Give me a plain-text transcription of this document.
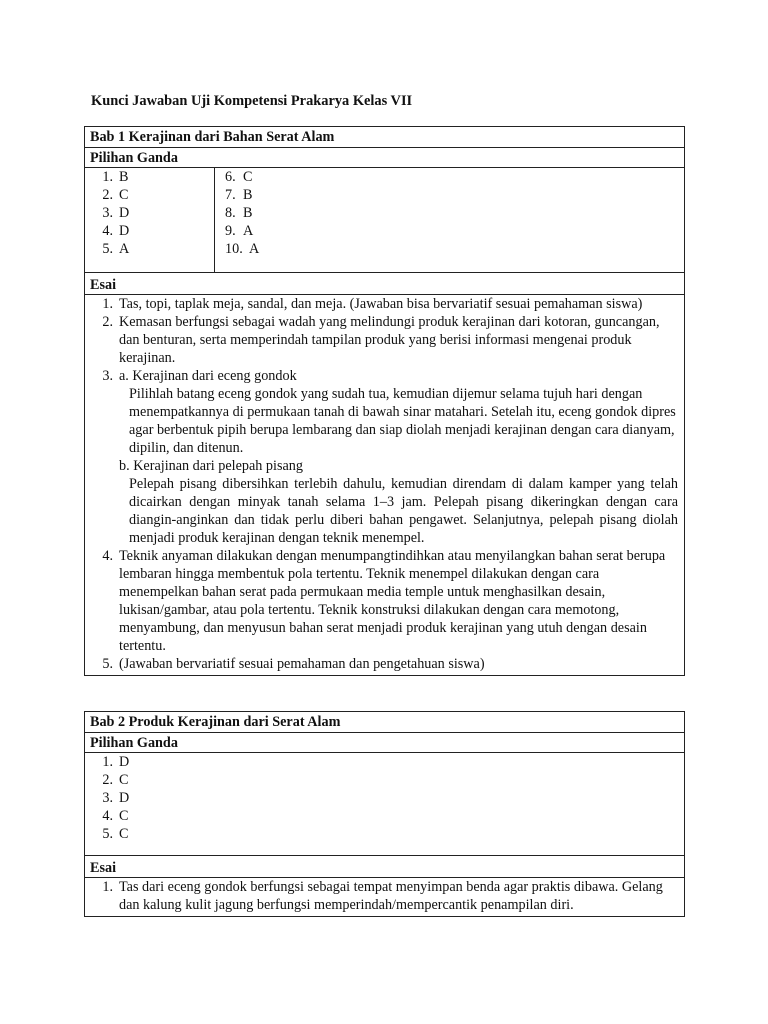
Kunci Jawaban Uji Kompetensi Prakarya Kelas VII
Bab 1 Kerajinan dari Bahan Serat Alam
Pilihan Ganda
1. B
2. C
3. D
4. D
5. A
6. C
7. B
8. B
9. A
10. A
Esai
1. Tas, topi, taplak meja, sandal, dan meja. (Jawaban bisa bervariatif sesuai pemahaman siswa)
2. Kemasan berfungsi sebagai wadah yang melindungi produk kerajinan dari kotoran, guncangan, dan benturan, serta memperindah tampilan produk yang berisi informasi mengenai produk kerajinan.
3. a. Kerajinan dari eceng gondok
Pilihlah batang eceng gondok yang sudah tua, kemudian dijemur selama tujuh hari dengan menempatkannya di permukaan tanah di bawah sinar matahari. Setelah itu, eceng gondok dipres agar berbentuk pipih berupa lembarang dan siap diolah menjadi kerajinan dengan cara dianyam, dipilin, dan ditenun.
b. Kerajinan dari pelepah pisang
Pelepah pisang dibersihkan terlebih dahulu, kemudian direndam di dalam kamper yang telah dicairkan dengan minyak tanah selama 1–3 jam. Pelepah pisang dikeringkan dengan cara diangin-anginkan dan tidak perlu diberi bahan pengawet. Selanjutnya, pelepah pisang diolah menjadi produk kerajinan dengan teknik menempel.
4. Teknik anyaman dilakukan dengan menumpangtindihkan atau menyilangkan bahan serat berupa lembaran hingga membentuk pola tertentu. Teknik menempel dilakukan dengan cara menempelkan bahan serat pada permukaan media temple untuk menghasilkan desain, lukisan/gambar, atau pola tertentu. Teknik konstruksi dilakukan dengan cara memotong, menyambung, dan menyusun bahan serat menjadi produk kerajinan yang utuh dengan desain tertentu.
5. (Jawaban bervariatif sesuai pemahaman dan pengetahuan siswa)
Bab 2 Produk Kerajinan dari Serat Alam
Pilihan Ganda
1. D
2. C
3. D
4. C
5. C
Esai
1. Tas dari eceng gondok berfungsi sebagai tempat menyimpan benda agar praktis dibawa. Gelang dan kalung kulit jagung berfungsi memperindah/mempercantik penampilan diri.
